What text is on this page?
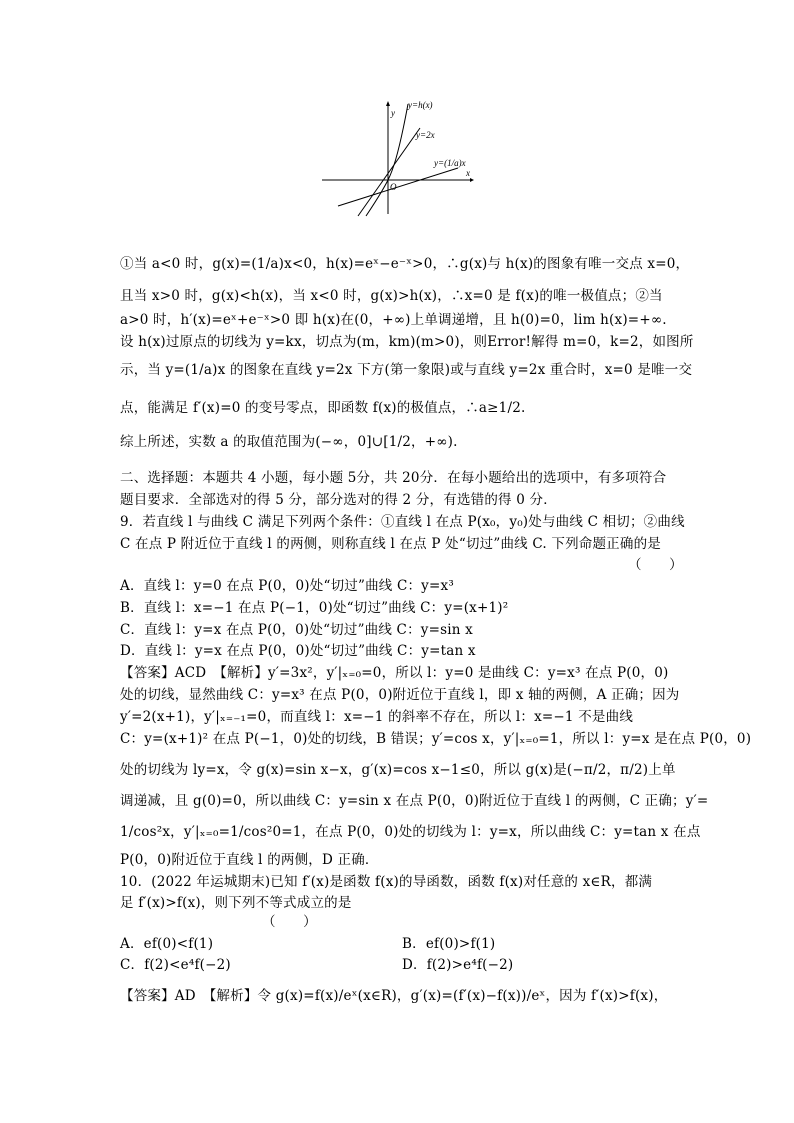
y=h(x)
y
y=2x
y=(1/a)x
x
O
①当 a<0 时，g(x)=(1/a)x<0，h(x)=eˣ−e⁻ˣ>0，∴g(x)与 h(x)的图象有唯一交点 x=0，
且当 x>0 时，g(x)<h(x)，当 x<0 时，g(x)>h(x)，∴x=0 是 f(x)的唯一极值点；②当
a>0 时，h′(x)=eˣ+e⁻ˣ>0 即 h(x)在(0，+∞)上单调递增，且 h(0)=0，lim h(x)=+∞.
设 h(x)过原点的切线为 y=kx，切点为(m，km)(m>0)，则Error!解得 m=0，k=2，如图所
示，当 y=(1/a)x 的图象在直线 y=2x 下方(第一象限)或与直线 y=2x 重合时，x=0 是唯一交
点，能满足 f′(x)=0 的变号零点，即函数 f(x)的极值点，∴a≥1/2.
综上所述，实数 a 的取值范围为(−∞，0]∪[1/2，+∞).
二、选择题：本题共 4 小题，每小题 5分，共 20分．在每小题给出的选项中，有多项符合
题目要求．全部选对的得 5 分，部分选对的得 2 分，有选错的得 0 分．
9．若直线 l 与曲线 C 满足下列两个条件：①直线 l 在点 P(x₀，y₀)处与曲线 C 相切；②曲线
C 在点 P 附近位于直线 l 的两侧，则称直线 l 在点 P 处“切过”曲线 C. 下列命题正确的是
（　　）
A．直线 l：y=0 在点 P(0，0)处“切过”曲线 C：y=x³
B．直线 l：x=−1 在点 P(−1，0)处“切过”曲线 C：y=(x+1)²
C．直线 l：y=x 在点 P(0，0)处“切过”曲线 C：y=sin x
D．直线 l：y=x 在点 P(0，0)处“切过”曲线 C：y=tan x
【答案】ACD　【解析】y′=3x²，y′|ₓ₌₀=0，所以 l：y=0 是曲线 C：y=x³ 在点 P(0，0)
处的切线，显然曲线 C：y=x³ 在点 P(0，0)附近位于直线 l，即 x 轴的两侧，A 正确；因为
y′=2(x+1)，y′|ₓ₌₋₁=0，而直线 l：x=−1 的斜率不存在，所以 l：x=−1 不是曲线
C：y=(x+1)² 在点 P(−1，0)处的切线，B 错误；y′=cos x，y′|ₓ₌₀=1，所以 l：y=x 是在点 P(0，0)
处的切线为 ly=x，令 g(x)=sin x−x，g′(x)=cos x−1≤0，所以 g(x)是(−π/2，π/2)上单
调递减，且 g(0)=0，所以曲线 C：y=sin x 在点 P(0，0)附近位于直线 l 的两侧，C 正确；y′=
1/cos²x，y′|ₓ₌₀=1/cos²0=1，在点 P(0，0)处的切线为 l：y=x，所以曲线 C：y=tan x 在点
P(0，0)附近位于直线 l 的两侧，D 正确．
10．(2022 年运城期末)已知 f′(x)是函数 f(x)的导函数，函数 f(x)对任意的 x∈R，都满
足 f′(x)>f(x)，则下列不等式成立的是
（　　）
A．ef(0)<f(1)	B．ef(0)>f(1)
C．f(2)<e⁴f(−2)	D．f(2)>e⁴f(−2)
【答案】AD　【解析】令 g(x)=f(x)/eˣ(x∈R)，g′(x)=(f′(x)−f(x))/eˣ，因为 f′(x)>f(x)，
